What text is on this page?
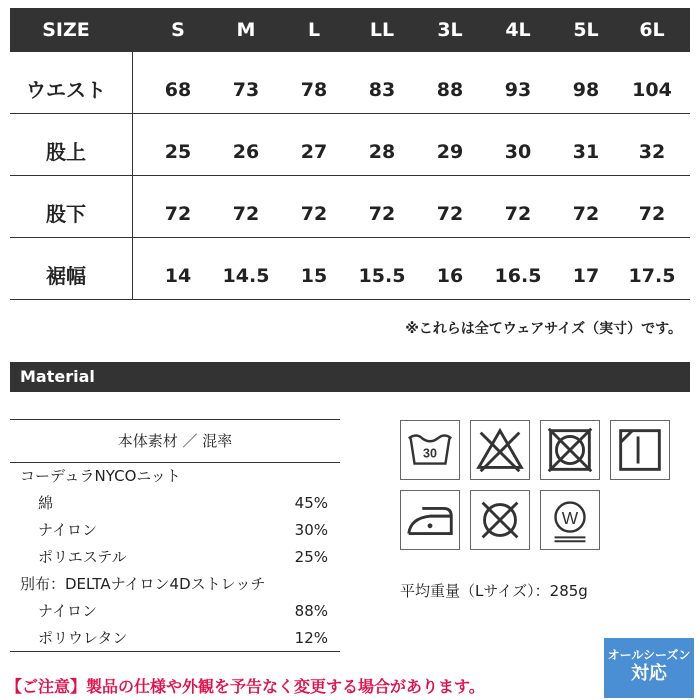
SIZE	S	M	L	LL	3L	4L	5L	6L
ウエスト	68	73	78	83	88	93	98	104
股上	25	26	27	28	29	30	31	32
股下	72	72	72	72	72	72	72	72
裾幅	14	14.5	15	15.5	16	16.5	17	17.5
※これらは全てウェアサイズ（実寸）です。
Material
本体素材 ／ 混率
コーデュラNYCOニット
綿	45%
ナイロン	30%
ポリエステル	25%
別布：DELTAナイロン4Dストレッチ
ナイロン	88%
ポリウレタン	12%
30
W
平均重量（Lサイズ）：285g
オールシーズン
対応
【ご注意】製品の仕様や外観を予告なく変更する場合があります。
